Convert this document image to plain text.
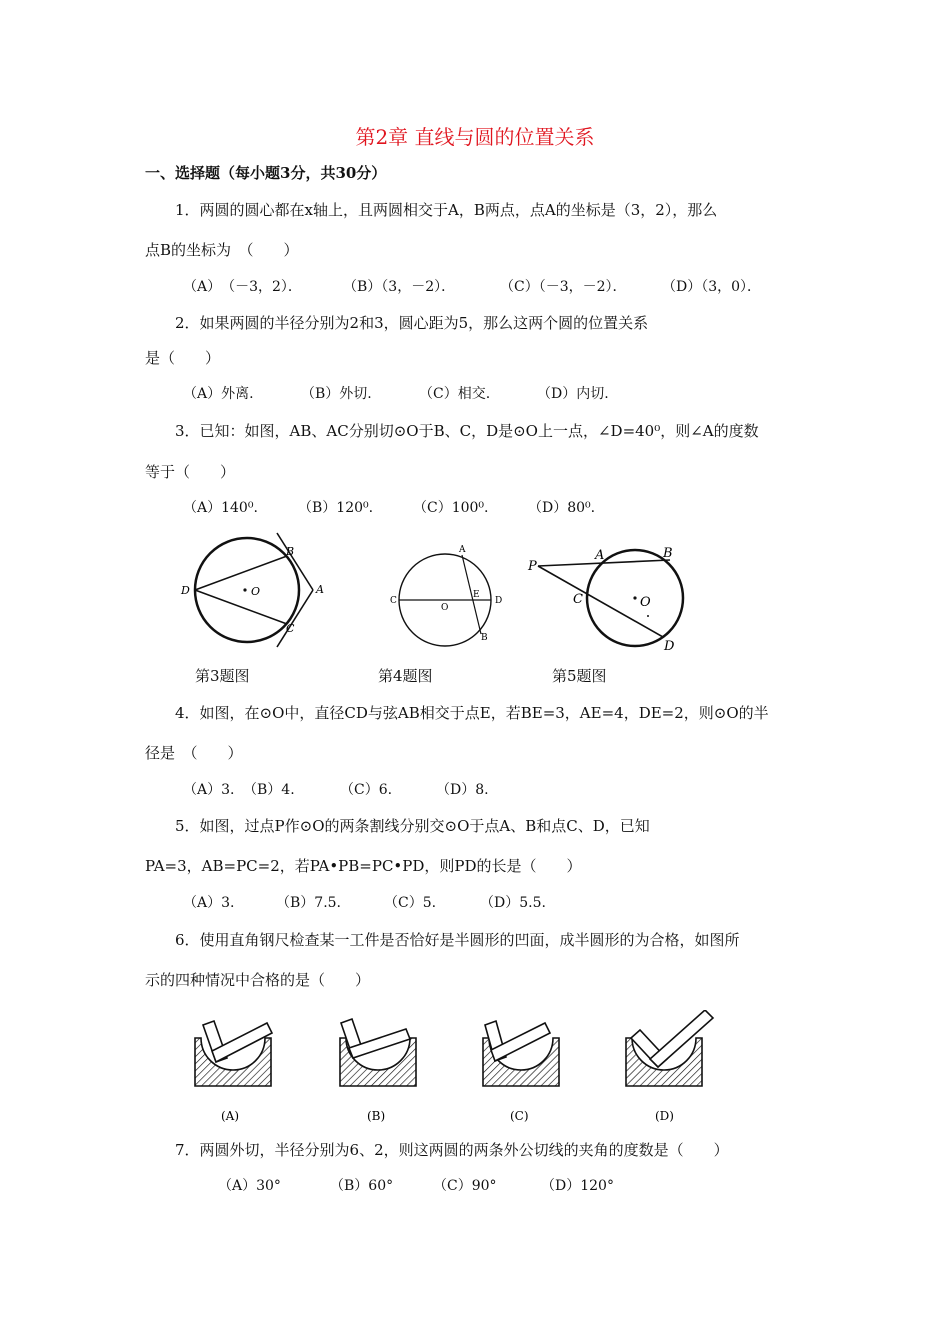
第2章 直线与圆的位置关系
一、选择题（每小题3分，共30分）
1．两圆的圆心都在x轴上，且两圆相交于A，B两点，点A的坐标是（3，2），那么
点B的坐标为　（　　）
（A）　（－3，2）．	（B）（3，－2）．	（C）（－3，－2）．	（D）（3，0）．
2．如果两圆的半径分别为2和3，圆心距为5，那么这两个圆的位置关系
是（　　）
（A）外离.	（B）外切.	（C）相交.	（D）内切.
3．已知：如图，AB、AC分别切⊙O于B、C，D是⊙O上一点，∠D=40⁰，则∠A的度数
等于（　　）
（A）140⁰.	（B）120⁰.	（C）100⁰.	（D）80⁰.
D
B
A
C
O
A
C
O
E
D
B
P
A	B
C	O
D
第3题图	第4题图	第5题图
4．如图，在⊙O中，直径CD与弦AB相交于点E，若BE=3，AE=4，DE=2，则⊙O的半
径是　（　　）
（A）3. （B）4.	（C）6.	（D）8.
5．如图，过点P作⊙O的两条割线分别交⊙O于点A、B和点C、D，已知
PA=3，AB=PC=2，若PA•PB=PC•PD，则PD的长是（　　）
（A）3.	（B）7.5.	（C）5.	（D）5.5.
6．使用直角钢尺检查某一工件是否恰好是半圆形的凹面，成半圆形的为合格，如图所
示的四种情况中合格的是（　　）
(A)	(B)	(C)	(D)
7．两圆外切，半径分别为6、2，则这两圆的两条外公切线的夹角的度数是（　　）
（A）30°	（B）60°	（C）90°	（D）120°
